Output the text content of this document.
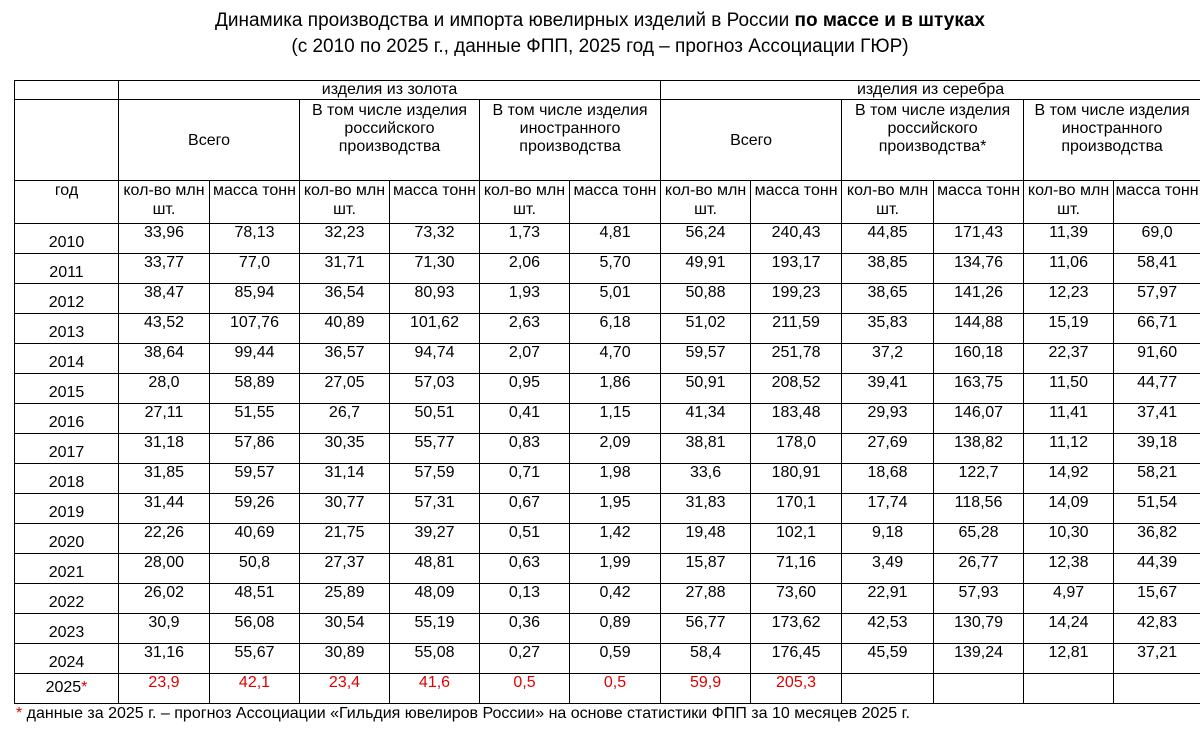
Динамика производства и импорта ювелирных изделий в России по массе и в штуках
(с 2010 по 2025 г., данные ФПП, 2025 год – прогноз Ассоциации ГЮР)
	изделия из золота						изделия из серебра					
	Всего		В том числе изделия российского производства		В том числе изделия иностранного производства		Всего		В том числе изделия российского производства*		В том числе изделия иностранного производства	
год	кол-во млн шт.	масса тонн	кол-во млн шт.	масса тонн	кол-во млн шт.	масса тонн	кол-во млн шт.	масса тонн	кол-во млн шт.	масса тонн	кол-во млн шт.	масса тонн
2010	33,96	78,13	32,23	73,32	1,73	4,81	56,24	240,43	44,85	171,43	11,39	69,0
2011	33,77	77,0	31,71	71,30	2,06	5,70	49,91	193,17	38,85	134,76	11,06	58,41
2012	38,47	85,94	36,54	80,93	1,93	5,01	50,88	199,23	38,65	141,26	12,23	57,97
2013	43,52	107,76	40,89	101,62	2,63	6,18	51,02	211,59	35,83	144,88	15,19	66,71
2014	38,64	99,44	36,57	94,74	2,07	4,70	59,57	251,78	37,2	160,18	22,37	91,60
2015	28,0	58,89	27,05	57,03	0,95	1,86	50,91	208,52	39,41	163,75	11,50	44,77
2016	27,11	51,55	26,7	50,51	0,41	1,15	41,34	183,48	29,93	146,07	11,41	37,41
2017	31,18	57,86	30,35	55,77	0,83	2,09	38,81	178,0	27,69	138,82	11,12	39,18
2018	31,85	59,57	31,14	57,59	0,71	1,98	33,6	180,91	18,68	122,7	14,92	58,21
2019	31,44	59,26	30,77	57,31	0,67	1,95	31,83	170,1	17,74	118,56	14,09	51,54
2020	22,26	40,69	21,75	39,27	0,51	1,42	19,48	102,1	9,18	65,28	10,30	36,82
2021	28,00	50,8	27,37	48,81	0,63	1,99	15,87	71,16	3,49	26,77	12,38	44,39
2022	26,02	48,51	25,89	48,09	0,13	0,42	27,88	73,60	22,91	57,93	4,97	15,67
2023	30,9	56,08	30,54	55,19	0,36	0,89	56,77	173,62	42,53	130,79	14,24	42,83
2024	31,16	55,67	30,89	55,08	0,27	0,59	58,4	176,45	45,59	139,24	12,81	37,21
2025*	23,9	42,1	23,4	41,6	0,5	0,5	59,9	205,3				
* данные за 2025 г. – прогноз Ассоциации «Гильдия ювелиров России» на основе статистики ФПП за 10 месяцев 2025 г.
